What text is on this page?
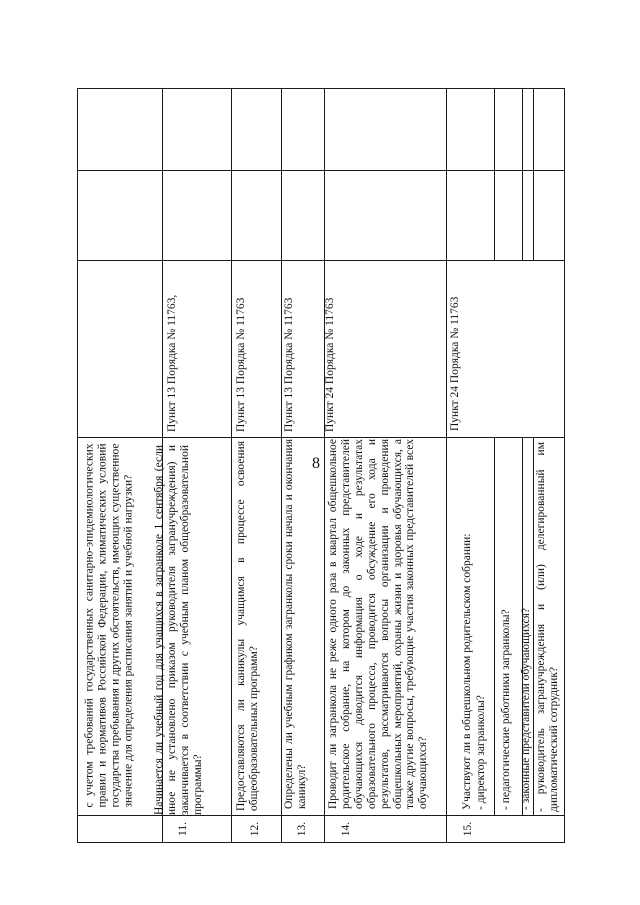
8
с учетом требований государственных санитарно-эпидемиологических правил и нормативов Российской Федерации, климатических условий государства пребывания и других обстоятельств, имеющих существенное значение для определения расписания занятий и учебной нагрузки?
11.
Начинается ли учебный год для учащихся в загранколе 1 сентября (если иное не установлено приказом руководителя загранучреждения) и заканчивается в соответствии с учебным планом общеобразовательной программы?
Пункт 13 Порядка № 11763,
12.
Предоставляются ли каникулы учащимся в процессе освоения общеобразовательных программ?
Пункт 13 Порядка № 11763
13.
Определены ли учебным графиком загранколы сроки начала и окончания каникул?
Пункт 13 Порядка № 11763
14.
Проводит ли загранкола не реже одного раза в квартал общешкольное родительское собрание, на котором до законных представителей обучающихся доводится информация о ходе и результатах образовательного процесса, проводится обсуждение его хода и результатов, рассматриваются вопросы организации и проведения общешкольных мероприятий, охраны жизни и здоровья обучающихся, а также другие вопросы, требующие участия законных представителей всех обучающихся?
Пункт 24 Порядка № 11763
15.
Участвуют ли в общешкольном родительском собрании: - директор загранколы?	- педагогические работники загранколы? - законные представители обучающихся? - руководитель загранучреждения и (или) делегированный им дипломатический сотрудник?
Пункт 24 Порядка № 11763
